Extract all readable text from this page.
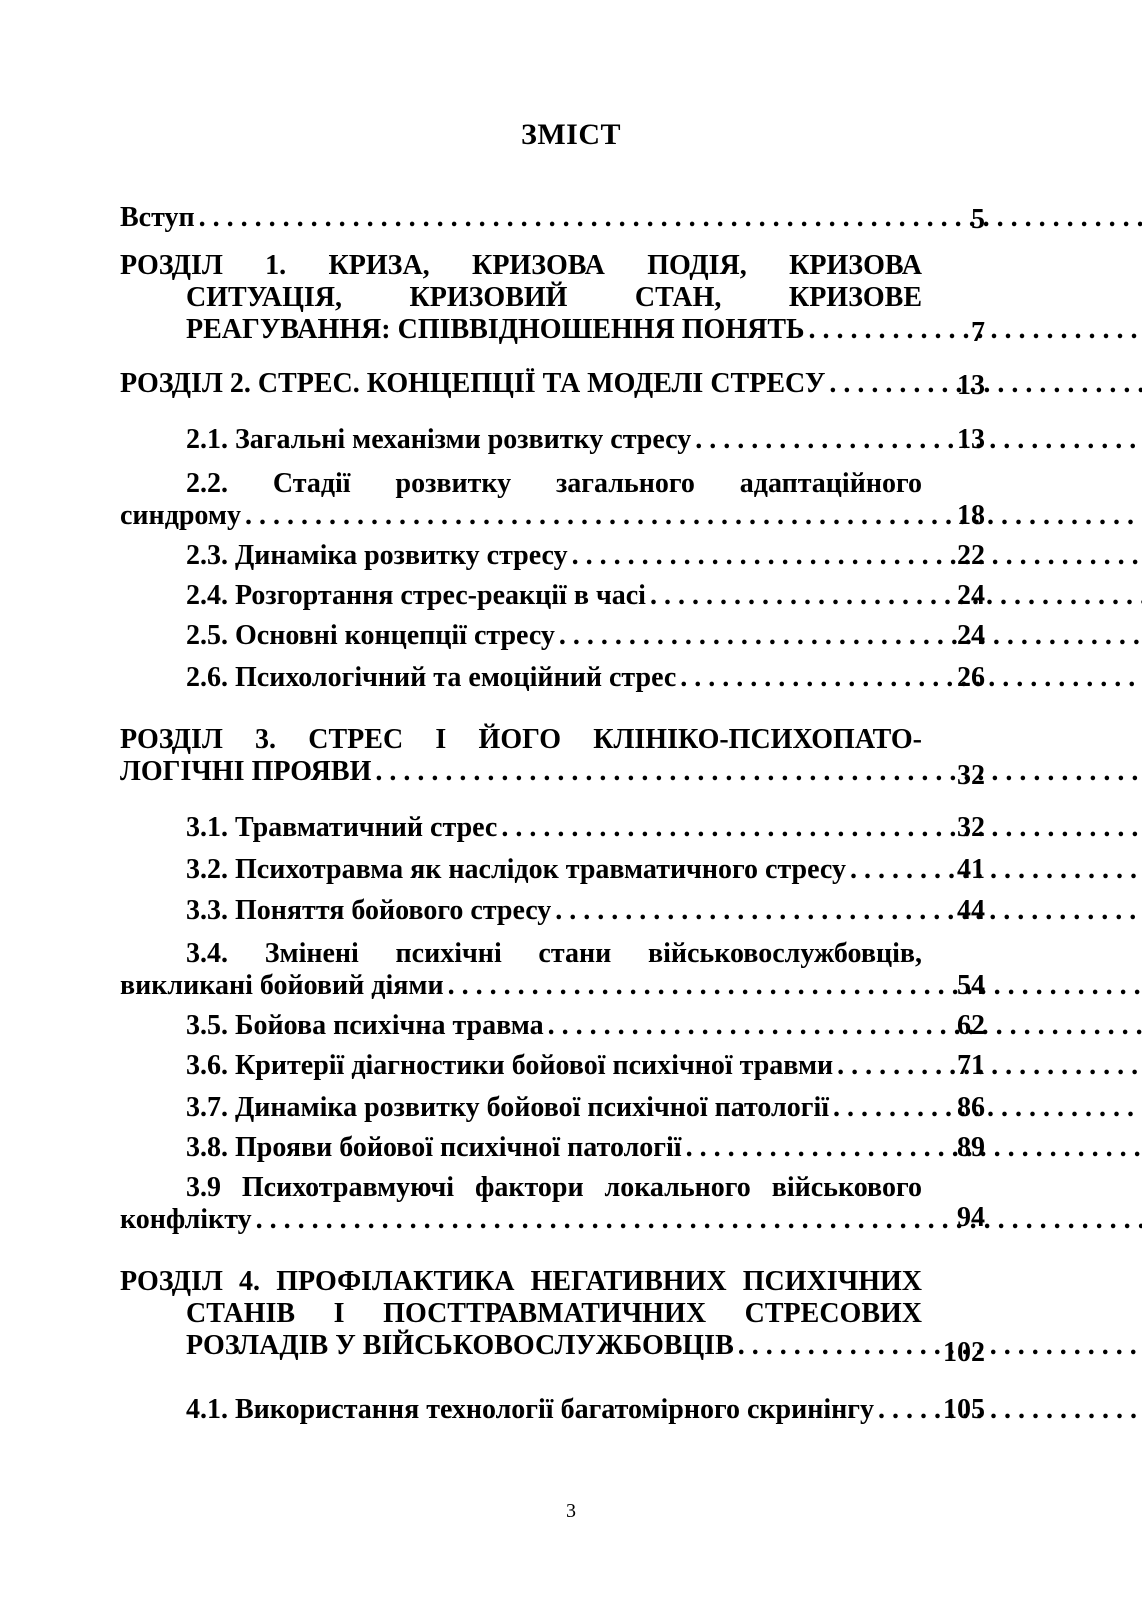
ЗМІСТ
Вступ . . .	5
РОЗДІЛ 1. КРИЗА, КРИЗОВА ПОДІЯ, КРИЗОВА
СИТУАЦІЯ, КРИЗОВИЙ СТАН, КРИЗОВЕ
РЕАГУВАННЯ: СПІВВІДНОШЕННЯ ПОНЯТЬ . . .	7
РОЗДІЛ 2. СТРЕС. КОНЦЕПЦІЇ ТА МОДЕЛІ СТРЕСУ . . .	13
2.1. Загальні механізми розвитку стресу . . .	13
2.2. Стадії розвитку загального адаптаційного
синдрому . . .	18
2.3. Динаміка розвитку стресу . . .	22
2.4. Розгортання стрес-реакції в часі . . .	24
2.5. Основні концепції стресу . . .	24
2.6. Психологічний та емоційний стрес . . .	26
РОЗДІЛ 3. СТРЕС І ЙОГО КЛІНІКО-ПСИХОПАТО-
ЛОГІЧНІ ПРОЯВИ . . .	32
3.1. Травматичний стрес . . .	32
3.2. Психотравма як наслідок травматичного стресу . . .	41
3.3. Поняття бойового стресу . . .	44
3.4. Змінені психічні стани військовослужбовців,
викликані бойовий діями . . .	54
3.5. Бойова психічна травма . . .	62
3.6. Критерії діагностики бойової психічної травми . . .	71
3.7. Динаміка розвитку бойової психічної патології . . .	86
3.8. Прояви бойової психічної патології . . .	89
3.9 Психотравмуючі фактори локального військового
конфлікту . . .	94
РОЗДІЛ 4. ПРОФІЛАКТИКА НЕГАТИВНИХ ПСИХІЧНИХ
СТАНІВ І ПОСТТРАВМАТИЧНИХ СТРЕСОВИХ
РОЗЛАДІВ У ВІЙСЬКОВОСЛУЖБОВЦІВ . . .	102
4.1. Використання технології багатомірного скринінгу . . .	105
3
